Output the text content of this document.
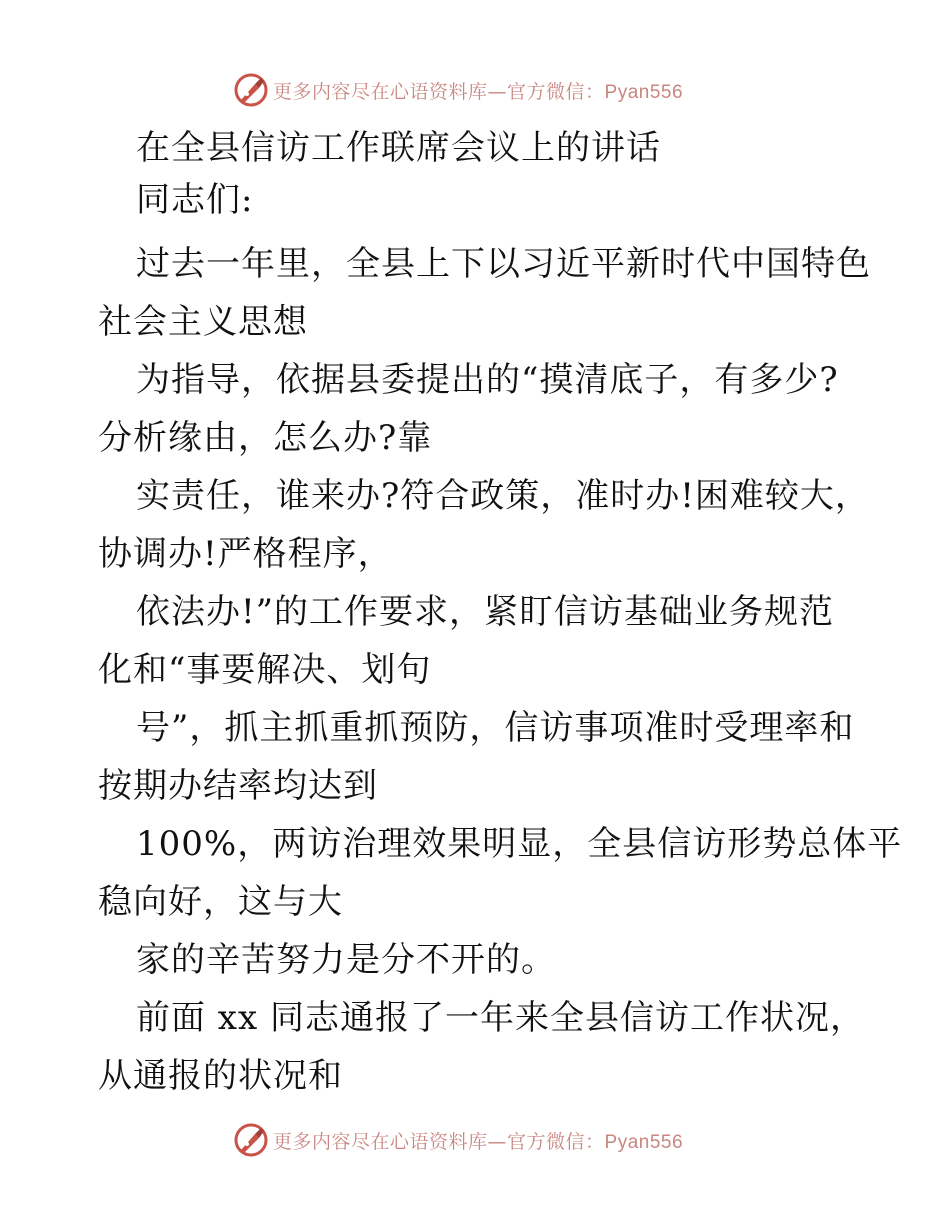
更多内容尽在心语资料库—官方微信：Pyan556
在全县信访工作联席会议上的讲话
同志们:
过去一年里，全县上下以习近平新时代中国特色
社会主义思想
为指导，依据县委提出的“摸清底子，有多少?
分析缘由，怎么办?靠
实责任，谁来办?符合政策，准时办!困难较大，
协调办!严格程序，
依法办!”的工作要求，紧盯信访基础业务规范
化和“事要解决、划句
号”，抓主抓重抓预防，信访事项准时受理率和
按期办结率均达到
100%，两访治理效果明显，全县信访形势总体平
稳向好，这与大
家的辛苦努力是分不开的。
前面 xx 同志通报了一年来全县信访工作状况，
从通报的状况和
更多内容尽在心语资料库—官方微信：Pyan556
